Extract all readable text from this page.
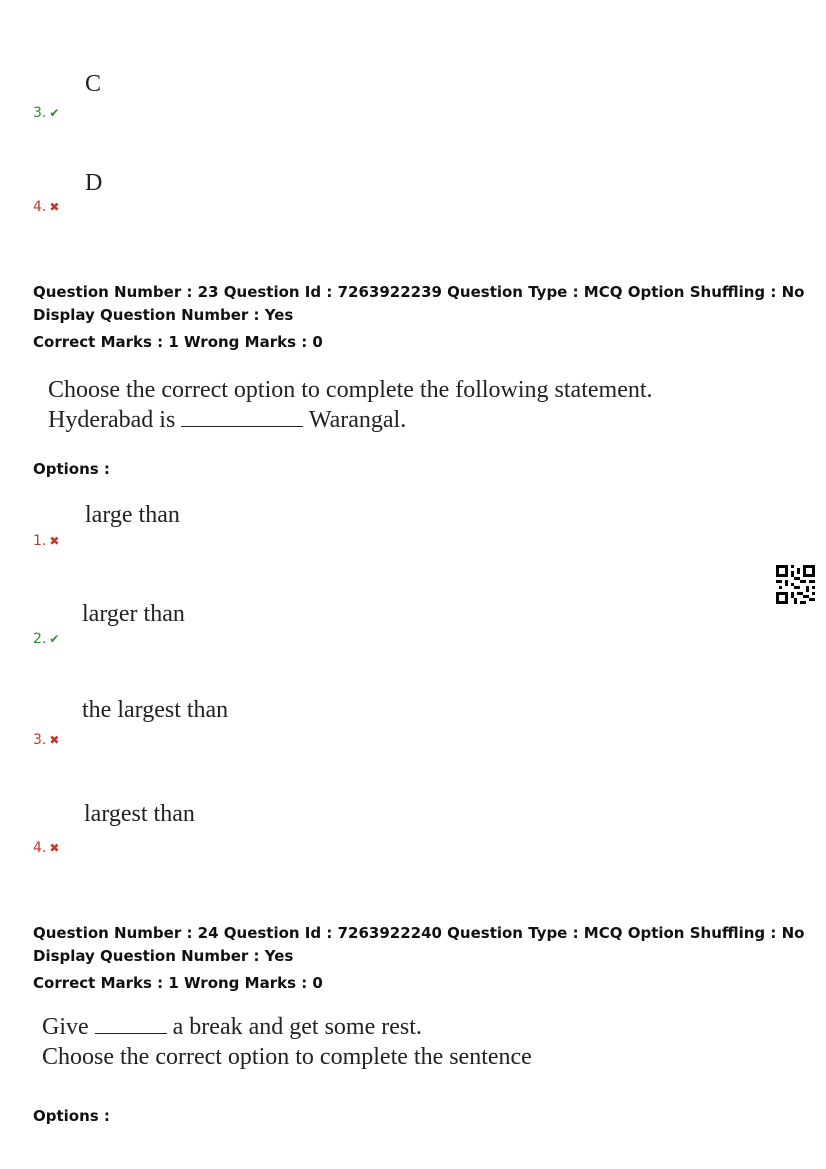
C
3. ✔
D
4. ✖
Question Number : 23 Question Id : 7263922239 Question Type : MCQ Option Shuffling : No
Display Question Number : Yes
Correct Marks : 1 Wrong Marks : 0
Choose the correct option to complete the following statement.
Hyderabad is	Warangal.
Options :
large than
1. ✖
larger than
2. ✔
the largest than
3. ✖
largest than
4. ✖
Question Number : 24 Question Id : 7263922240 Question Type : MCQ Option Shuffling : No
Display Question Number : Yes
Correct Marks : 1 Wrong Marks : 0
Give	a break and get some rest.
Choose the correct option to complete the sentence
Options :
